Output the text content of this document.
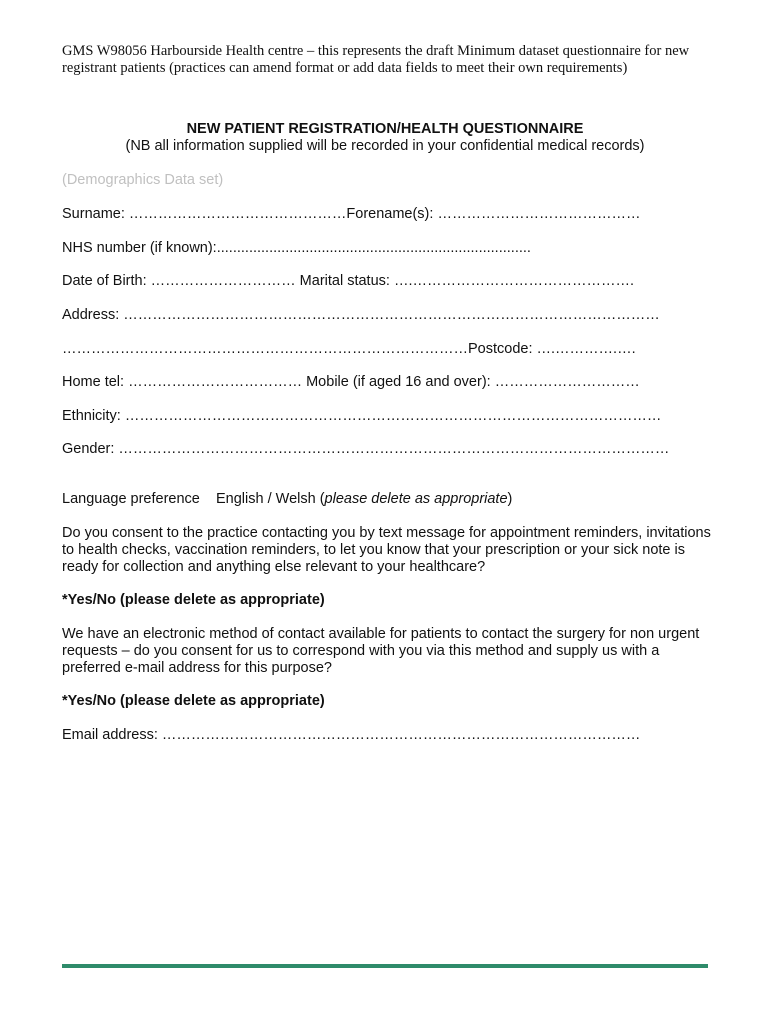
GMS W98056 Harbourside Health centre – this represents the draft Minimum dataset questionnaire for new registrant patients (practices can amend format or add data fields to meet their own requirements)
NEW PATIENT REGISTRATION/HEALTH QUESTIONNAIRE
(NB all information supplied will be recorded in your confidential medical records)
(Demographics Data set)
Surname: ………………………………………Forename(s): ……………………………………
NHS number (if known):..............................................................................
Date of Birth: ………………………… Marital status: ….……………………………………….
Address: …………………………………………………………………………………………………
…………………………………………………………………………Postcode: ….………….….
Home tel: ……………………………… Mobile (if aged 16 and over): …………………………
Ethnicity: …………………………………………………………………………………………………
Gender: ……………………………………………………………………………………………………
Language preference English / Welsh (please delete as appropriate)
Do you consent to the practice contacting you by text message for appointment reminders, invitations to health checks, vaccination reminders, to let you know that your prescription or your sick note is ready for collection and anything else relevant to your healthcare?
*Yes/No (please delete as appropriate)
We have an electronic method of contact available for patients to contact the surgery for non urgent requests – do you consent for us to correspond with you via this method and supply us with a preferred e-mail address for this purpose?
*Yes/No (please delete as appropriate)
Email address: ………………………………………………………………………………………
